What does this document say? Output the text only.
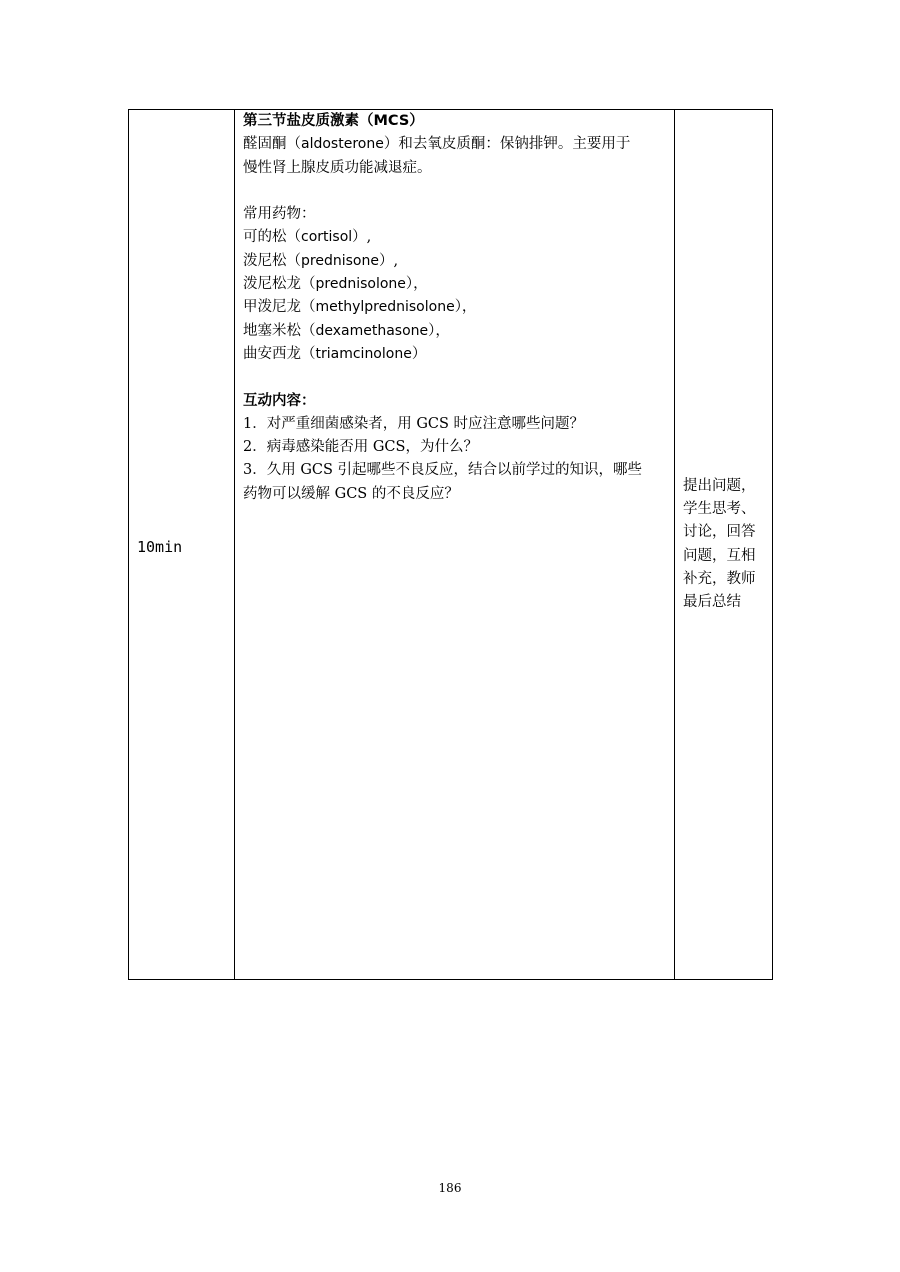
10min
第三节盐皮质激素（MCS）
醛固酮（aldosterone）和去氧皮质酮：保钠排钾。主要用于
慢性肾上腺皮质功能减退症。
常用药物：
可的松（cortisol）,
泼尼松（prednisone）,
泼尼松龙（prednisolone），
甲泼尼龙（methylprednisolone），
地塞米松（dexamethasone），
曲安西龙（triamcinolone）
互动内容：
1．对严重细菌感染者，用 GCS 时应注意哪些问题？
2．病毒感染能否用 GCS，为什么？
3．久用 GCS 引起哪些不良反应，结合以前学过的知识，哪些
药物可以缓解 GCS 的不良反应？
提出问题，
学生思考、
讨论，回答
问题，互相
补充，教师
最后总结
186
